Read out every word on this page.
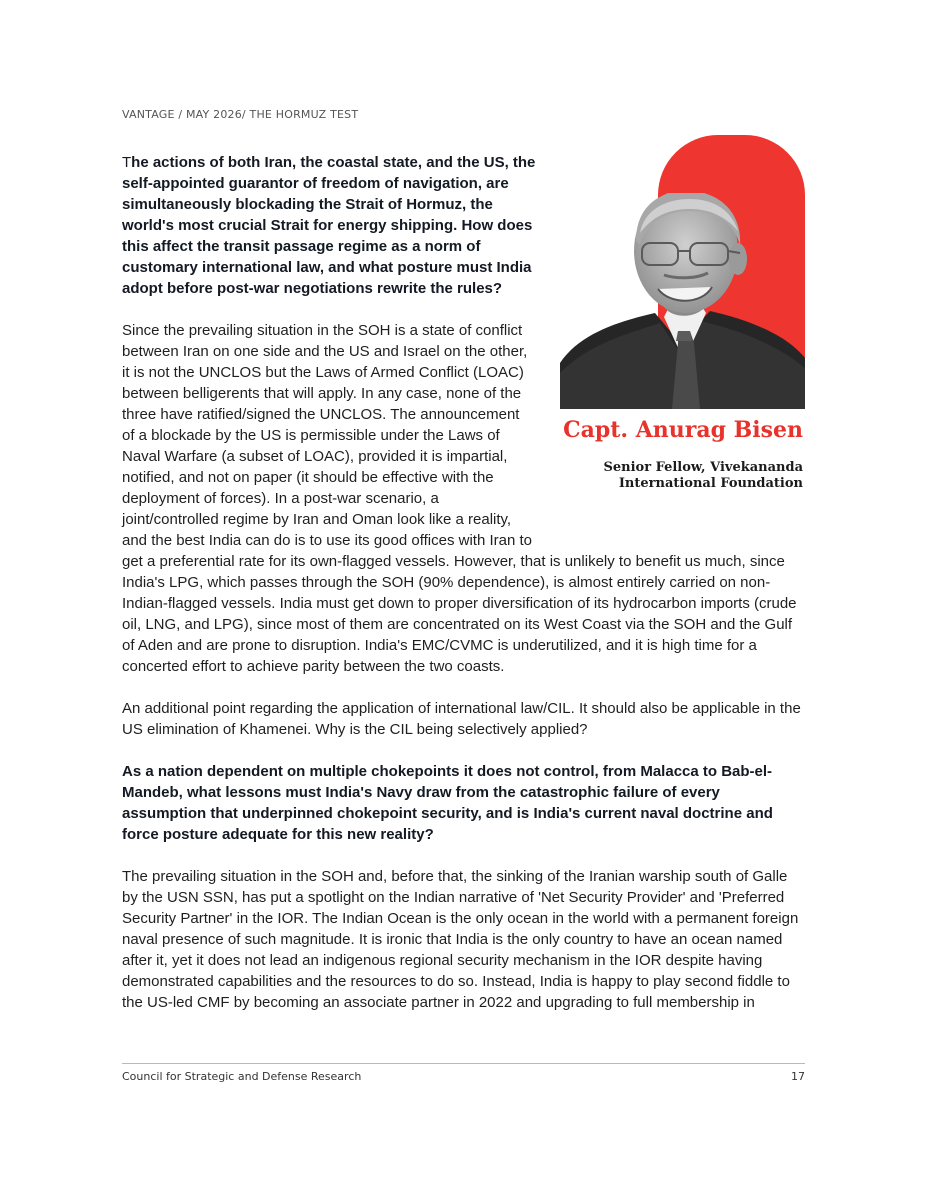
VANTAGE / MAY 2026/ THE HORMUZ TEST
Capt. Anurag Bisen
Senior Fellow, Vivekananda
International Foundation

The actions of both Iran, the coastal state, and the US, the self-appointed guarantor of freedom of navigation, are simultaneously blockading the Strait of Hormuz, the world's most crucial Strait for energy shipping. How does this affect the transit passage regime as a norm of customary international law, and what posture must India adopt before post-war negotiations rewrite the rules?

Since the prevailing situation in the SOH is a state of conflict between Iran on one side and the US and Israel on the other, it is not the UNCLOS but the Laws of Armed Conflict (LOAC) between belligerents that will apply. In any case, none of the three have ratified/signed the UNCLOS. The announcement of a blockade by the US is permissible under the Laws of Naval Warfare (a subset of LOAC), provided it is impartial, notified, and not on paper (it should be effective with the deployment of forces). In a post-war scenario, a joint/controlled regime by Iran and Oman look like a reality, and the best India can do is to use its good offices with Iran to get a preferential rate for its own-flagged vessels. However, that is unlikely to benefit us much, since India's LPG, which passes through the SOH (90% dependence), is almost entirely carried on non-Indian-flagged vessels. India must get down to proper diversification of its hydrocarbon imports (crude oil, LNG, and LPG), since most of them are concentrated on its West Coast via the SOH and the Gulf of Aden and are prone to disruption. India's EMC/CVMC is underutilized, and it is high time for a concerted effort to achieve parity between the two coasts.

An additional point regarding the application of international law/CIL. It should also be applicable in the US elimination of Khamenei. Why is the CIL being selectively applied?

As a nation dependent on multiple chokepoints it does not control, from Malacca to Bab-el-Mandeb, what lessons must India's Navy draw from the catastrophic failure of every assumption that underpinned chokepoint security, and is India's current naval doctrine and force posture adequate for this new reality?

The prevailing situation in the SOH and, before that, the sinking of the Iranian warship south of Galle by the USN SSN, has put a spotlight on the Indian narrative of 'Net Security Provider' and 'Preferred Security Partner' in the IOR. The Indian Ocean is the only ocean in the world with a permanent foreign naval presence of such magnitude. It is ironic that India is the only country to have an ocean named after it, yet it does not lead an indigenous regional security mechanism in the IOR despite having demonstrated capabilities and the resources to do so. Instead, India is happy to play second fiddle to the US-led CMF by becoming an associate partner in 2022 and upgrading to full membership in

Council for Strategic and Defense Research	17
